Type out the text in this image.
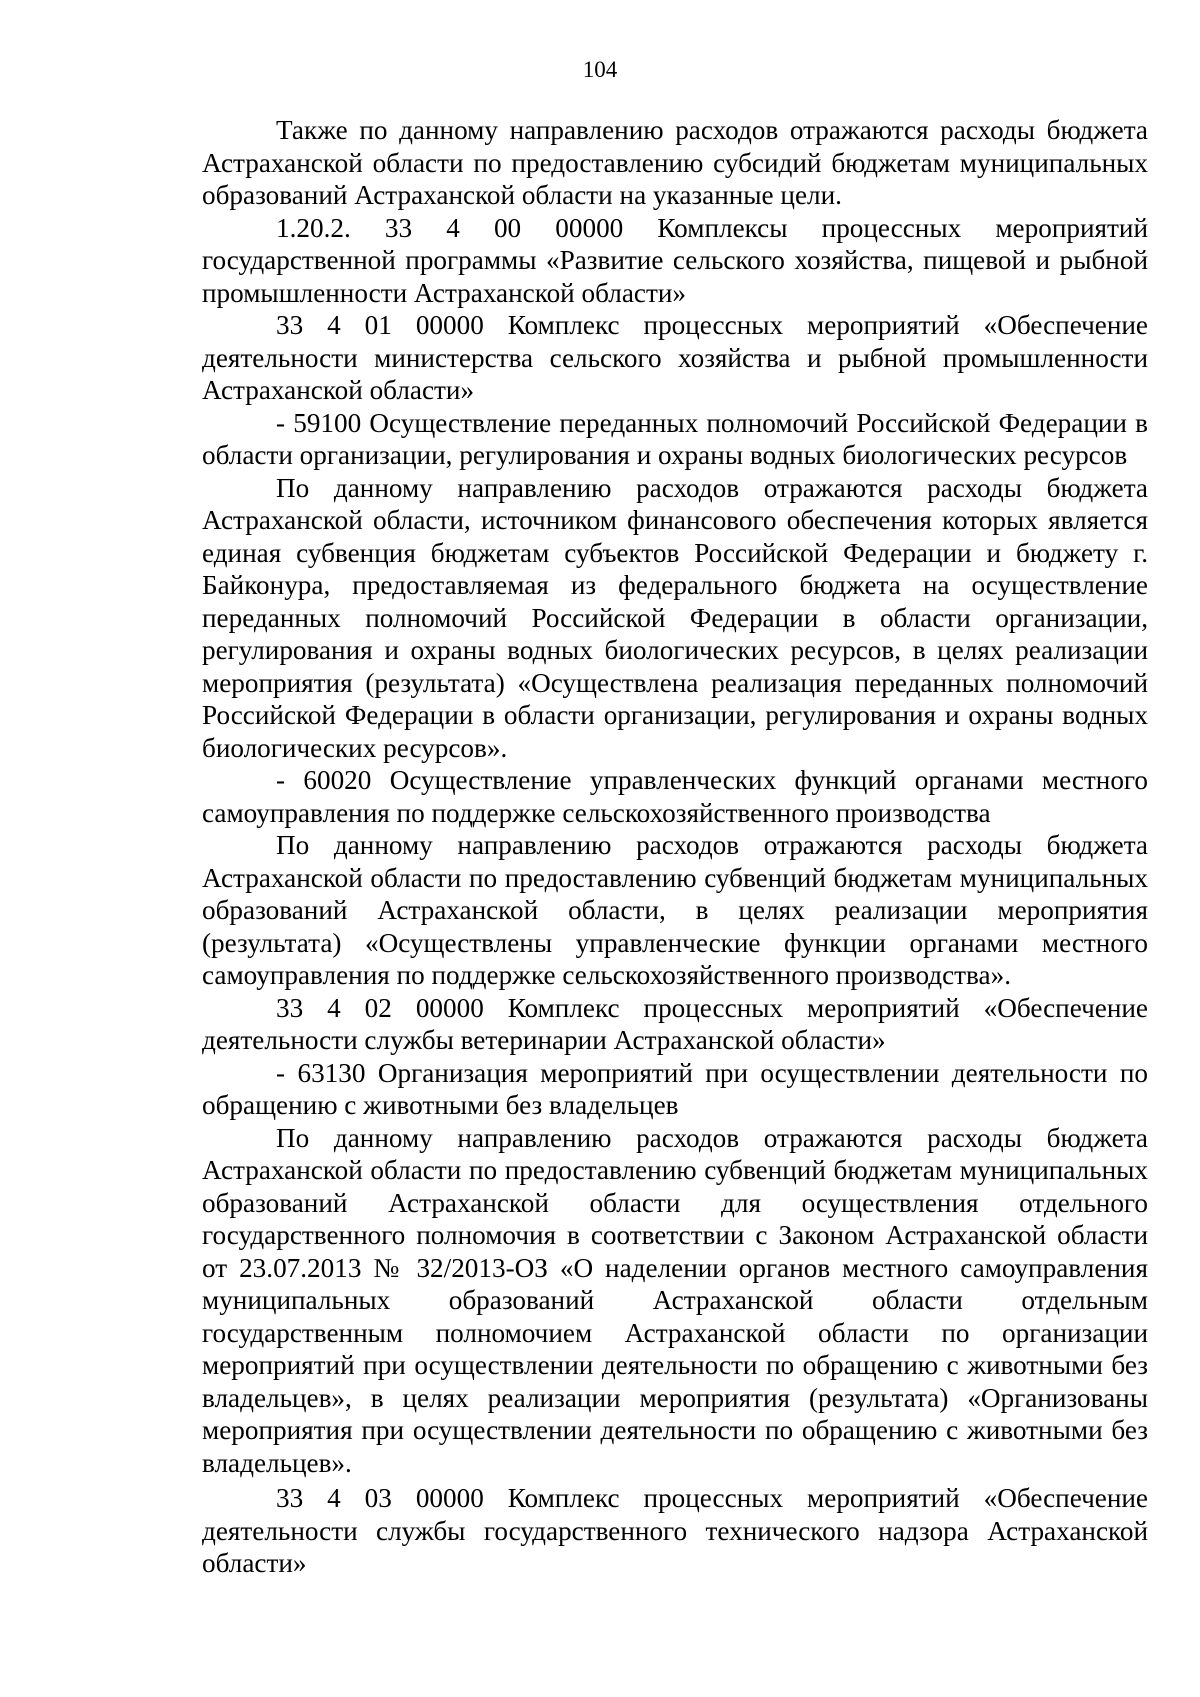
104

Также по данному направлению расходов отражаются расходы бюджета Астраханской области по предоставлению субсидий бюджетам муниципальных образований Астраханской области на указанные цели.

1.20.2. 33 4 00 00000 Комплексы процессных мероприятий государственной программы «Развитие сельского хозяйства, пищевой и рыбной промышленности Астраханской области»

33 4 01 00000 Комплекс процессных мероприятий «Обеспечение деятельности министерства сельского хозяйства и рыбной промышленности Астраханской области»

- 59100 Осуществление переданных полномочий Российской Федерации в области организации, регулирования и охраны водных биологических ресурсов

По данному направлению расходов отражаются расходы бюджета Астраханской области, источником финансового обеспечения которых является единая субвенция бюджетам субъектов Российской Федерации и бюджету г. Байконура, предоставляемая из федерального бюджета на осуществление переданных полномочий Российской Федерации в области организации, регулирования и охраны водных биологических ресурсов, в целях реализации мероприятия (результата) «Осуществлена реализация переданных полномочий Российской Федерации в области организации, регулирования и охраны водных биологических ресурсов».

- 60020 Осуществление управленческих функций органами местного самоуправления по поддержке сельскохозяйственного производства

По данному направлению расходов отражаются расходы бюджета Астраханской области по предоставлению субвенций бюджетам муниципальных образований Астраханской области, в целях реализации мероприятия (результата) «Осуществлены управленческие функции органами местного самоуправления по поддержке сельскохозяйственного производства».

33 4 02 00000 Комплекс процессных мероприятий «Обеспечение деятельности службы ветеринарии Астраханской области»

- 63130 Организация мероприятий при осуществлении деятельности по обращению с животными без владельцев

По данному направлению расходов отражаются расходы бюджета Астраханской области по предоставлению субвенций бюджетам муниципальных образований Астраханской области для осуществления отдельного государственного полномочия в соответствии с Законом Астраханской области от 23.07.2013 № 32/2013-ОЗ «О наделении органов местного самоуправления муниципальных образований Астраханской области отдельным государственным полномочием Астраханской области по организации мероприятий при осуществлении деятельности по обращению с животными без владельцев», в целях реализации мероприятия (результата) «Организованы мероприятия при осуществлении деятельности по обращению с животными без владельцев».

33 4 03 00000 Комплекс процессных мероприятий «Обеспечение деятельности службы государственного технического надзора Астраханской области»
